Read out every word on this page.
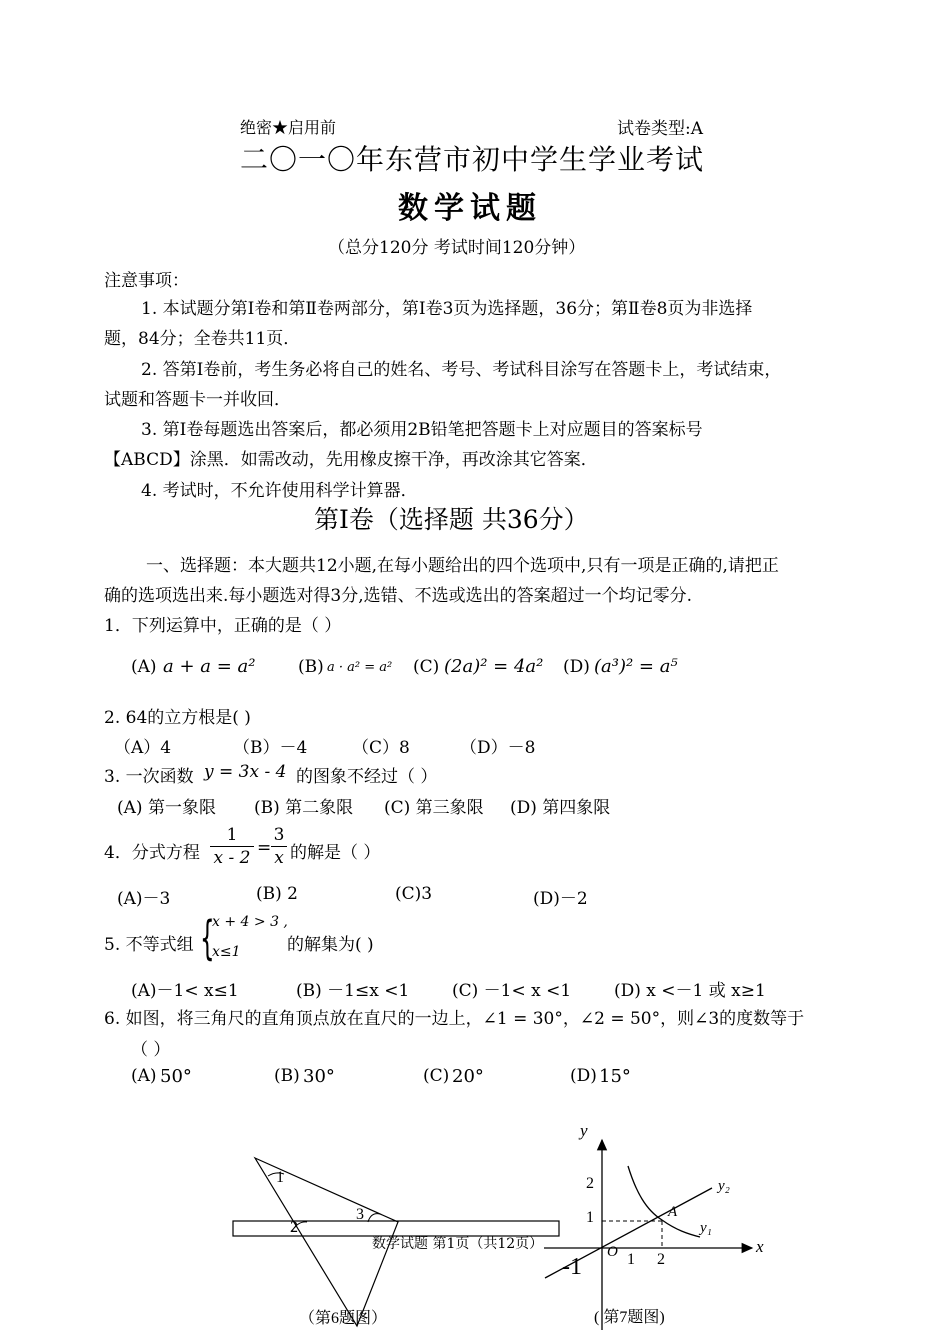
绝密★启用前	试卷类型:A
二〇一〇年东营市初中学生学业考试
数学试题
（总分120分 考试时间120分钟）
注意事项：
1. 本试题分第Ⅰ卷和第Ⅱ卷两部分，第Ⅰ卷3页为选择题，36分；第Ⅱ卷8页为非选择
题，84分；全卷共11页．
2. 答第Ⅰ卷前，考生务必将自己的姓名、考号、考试科目涂写在答题卡上，考试结束，
试题和答题卡一并收回．
3. 第Ⅰ卷每题选出答案后，都必须用2B铅笔把答题卡上对应题目的答案标号
【ABCD】涂黑．如需改动，先用橡皮擦干净，再改涂其它答案．
4. 考试时，不允许使用科学计算器．
第Ⅰ卷（选择题 共36分）
一、选择题：本大题共12小题,在每小题给出的四个选项中,只有一项是正确的,请把正
确的选项选出来.每小题选对得3分,选错、不选或选出的答案超过一个均记零分.
1．下列运算中，正确的是（ ）
(A) a + a = a²	(B) a · a² = a² (C) (2a)² = 4a² (D) (a³)² = a⁵
2. 64的立方根是( )
（A）4	（B）－4	（C）8	（D）－8
3. 一次函数 y = 3x - 4 的图象不经过（ ）
(A) 第一象限 (B) 第二象限 (C) 第三象限 (D) 第四象限
4．分式方程 $\frac{1}{x - 2} = \frac{3}{x}$ 的解是（ ）
(A)－3	(B) 2	(C)3	(D)－2
5. 不等式组 {
x + 4 > 3 ,
x≤1	的解集为( )
(A)－1< x≤1	(B) －1≤x <1	(C) －1< x <1	(D) x <－1 或 x≥1
6. 如图，将三角尺的直角顶点放在直尺的一边上，∠1 = 30°，∠2 = 50°，则∠3的度数等于
（ ）
(A) 50°	(B) 30°	(C) 20°	(D) 15°
1
2
3
（第6题图）
y
x
y₂
y₁
A
O
2
1
1 2
-1
( 第7题图)
数学试题 第1页（共12页）
